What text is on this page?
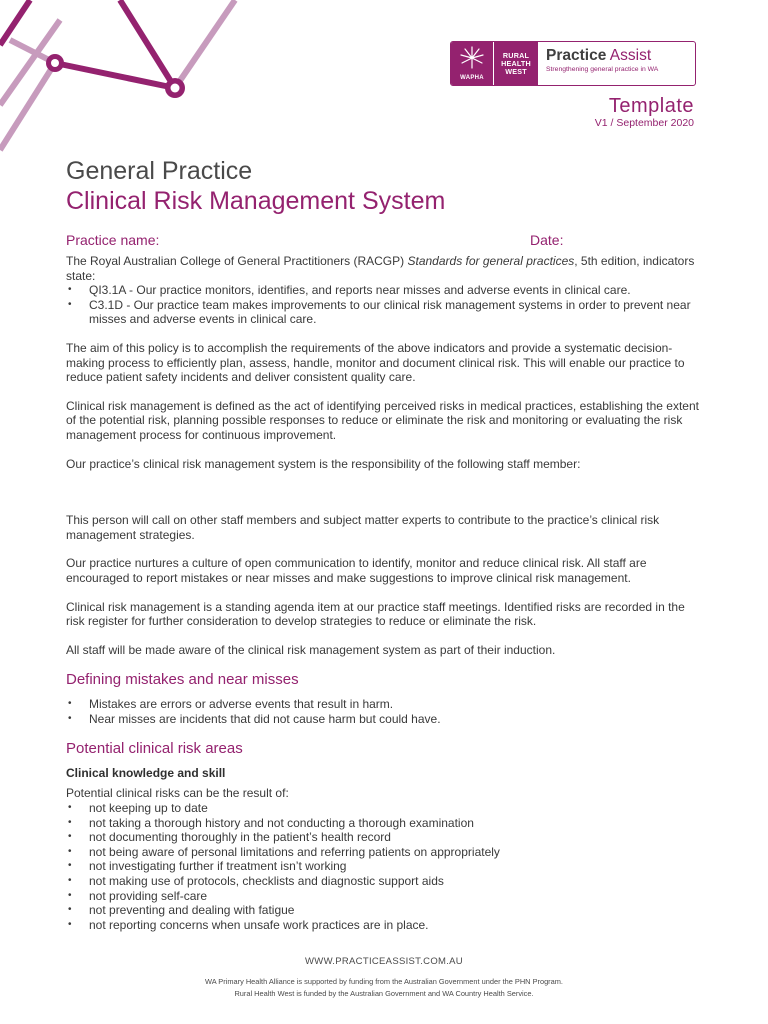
WAPHA
RURAL
HEALTH
WEST
Practice Assist
Strengthening general practice in WA
Template
V1 / September 2020
General Practice
Clinical Risk Management System
Practice name:	Date:

The Royal Australian College of General Practitioners (RACGP) Standards for general practices, 5th edition, indicators state:

• QI3.1A - Our practice monitors, identifies, and reports near misses and adverse events in clinical care.
• C3.1D - Our practice team makes improvements to our clinical risk management systems in order to prevent near misses and adverse events in clinical care.

The aim of this policy is to accomplish the requirements of the above indicators and provide a systematic decision-making process to efficiently plan, assess, handle, monitor and document clinical risk. This will enable our practice to reduce patient safety incidents and deliver consistent quality care.

Clinical risk management is defined as the act of identifying perceived risks in medical practices, establishing the extent of the potential risk, planning possible responses to reduce or eliminate the risk and monitoring or evaluating the risk management process for continuous improvement.

Our practice’s clinical risk management system is the responsibility of the following staff member:

This person will call on other staff members and subject matter experts to contribute to the practice’s clinical risk management strategies.

Our practice nurtures a culture of open communication to identify, monitor and reduce clinical risk. All staff are encouraged to report mistakes or near misses and make suggestions to improve clinical risk management.

Clinical risk management is a standing agenda item at our practice staff meetings. Identified risks are recorded in the risk register for further consideration to develop strategies to reduce or eliminate the risk.

All staff will be made aware of the clinical risk management system as part of their induction.

Defining mistakes and near misses
• Mistakes are errors or adverse events that result in harm.
• Near misses are incidents that did not cause harm but could have.
Potential clinical risk areas
Clinical knowledge and skill

Potential clinical risks can be the result of:

• not keeping up to date
• not taking a thorough history and not conducting a thorough examination
• not documenting thoroughly in the patient’s health record
• not being aware of personal limitations and referring patients on appropriately
• not investigating further if treatment isn’t working
• not making use of protocols, checklists and diagnostic support aids
• not providing self-care
• not preventing and dealing with fatigue
• not reporting concerns when unsafe work practices are in place.
WWW.PRACTICEASSIST.COM.AU
WA Primary Health Alliance is supported by funding from the Australian Government under the PHN Program.
Rural Health West is funded by the Australian Government and WA Country Health Service.
